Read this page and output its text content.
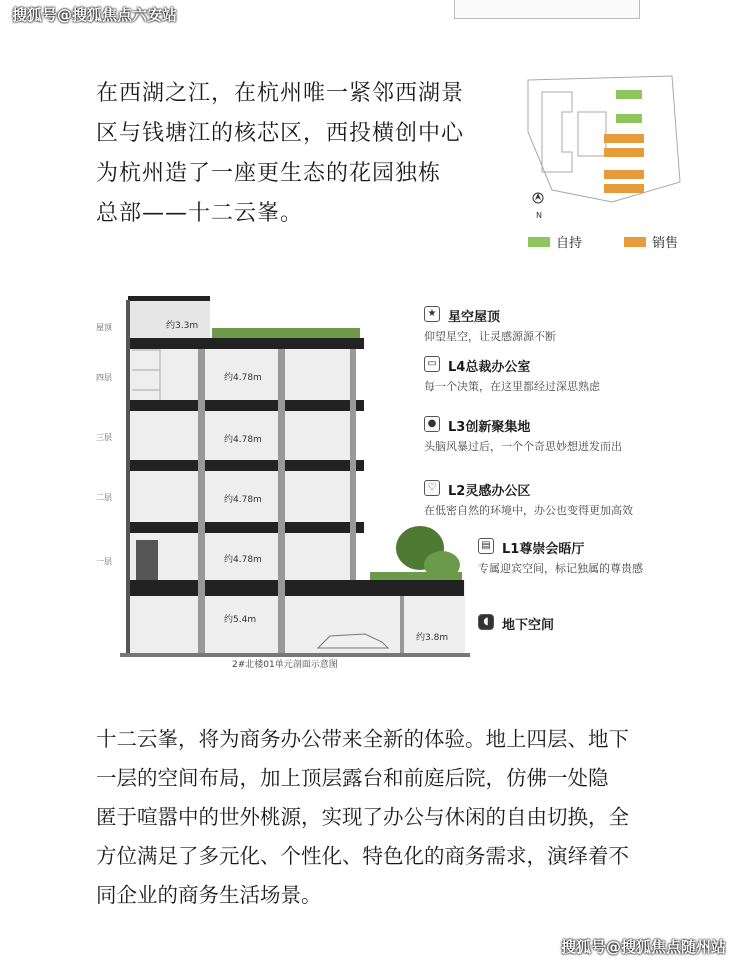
搜狐号@搜狐焦点六安站
在西湖之江，在杭州唯一紧邻西湖景
区与钱塘江的核芯区，西投横创中心
为杭州造了一座更生态的花园独栋
总部——十二云峯。	N
自持	销售
屋顶
四层
三层
二层
一层
约3.3m
约4.78m
约4.78m
约4.78m
约4.78m
约5.4m
约3.8m
2#北楼01单元剖面示意图
★ 星空屋顶
仰望星空，让灵感源源不断
▭ L4总裁办公室
每一个决策，在这里都经过深思熟虑
● L3创新聚集地
头脑风暴过后，一个个奇思妙想迸发而出
♡ L2灵感办公区
在低密自然的环境中，办公也变得更加高效
▤ L1尊崇会晤厅
专属迎宾空间，标记独属的尊贵感
◖	地下空间
十二云峯，将为商务办公带来全新的体验。地上四层、地下
一层的空间布局，加上顶层露台和前庭后院，仿佛一处隐
匿于喧嚣中的世外桃源，实现了办公与休闲的自由切换，全
方位满足了多元化、个性化、特色化的商务需求，演绎着不
同企业的商务生活场景。
搜狐号@搜狐焦点随州站
